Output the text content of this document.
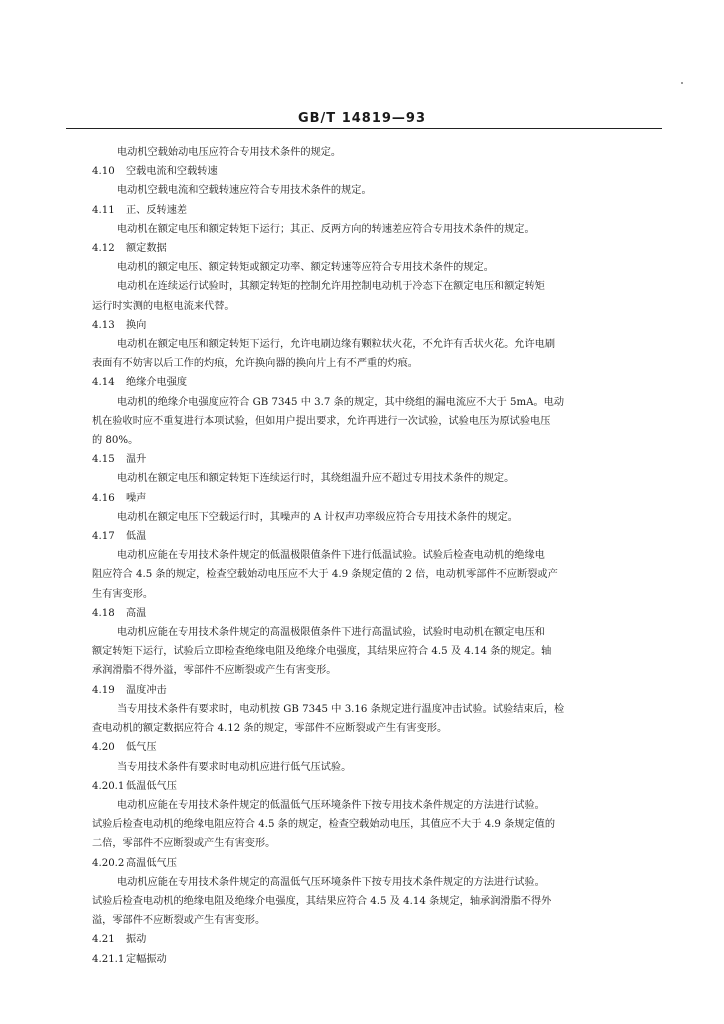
GB/T 14819—93
电动机空载始动电压应符合专用技术条件的规定。
4.10 空载电流和空载转速
电动机空载电流和空载转速应符合专用技术条件的规定。
4.11 正、反转速差
电动机在额定电压和额定转矩下运行；其正、反两方向的转速差应符合专用技术条件的规定。
4.12 额定数据
电动机的额定电压、额定转矩或额定功率、额定转速等应符合专用技术条件的规定。
电动机在连续运行试验时，其额定转矩的控制允许用控制电动机于冷态下在额定电压和额定转矩
运行时实测的电枢电流来代替。
4.13 换向
电动机在额定电压和额定转矩下运行，允许电刷边缘有颗粒状火花，不允许有舌状火花。允许电刷
表面有不妨害以后工作的灼痕，允许换向器的换向片上有不严重的灼痕。
4.14 绝缘介电强度
电动机的绝缘介电强度应符合 GB 7345 中 3.7 条的规定，其中绕组的漏电流应不大于 5mA。电动
机在验收时应不重复进行本项试验，但如用户提出要求，允许再进行一次试验，试验电压为原试验电压
的 80%。
4.15 温升
电动机在额定电压和额定转矩下连续运行时，其绕组温升应不超过专用技术条件的规定。
4.16 噪声
电动机在额定电压下空载运行时，其噪声的 A 计权声功率级应符合专用技术条件的规定。
4.17 低温
电动机应能在专用技术条件规定的低温极限值条件下进行低温试验。试验后检查电动机的绝缘电
阻应符合 4.5 条的规定，检查空载始动电压应不大于 4.9 条规定值的 2 倍，电动机零部件不应断裂或产
生有害变形。
4.18 高温
电动机应能在专用技术条件规定的高温极限值条件下进行高温试验，试验时电动机在额定电压和
额定转矩下运行，试验后立即检查绝缘电阻及绝缘介电强度，其结果应符合 4.5 及 4.14 条的规定。轴
承润滑脂不得外溢，零部件不应断裂或产生有害变形。
4.19 温度冲击
当专用技术条件有要求时，电动机按 GB 7345 中 3.16 条规定进行温度冲击试验。试验结束后，检
查电动机的额定数据应符合 4.12 条的规定，零部件不应断裂或产生有害变形。
4.20 低气压
当专用技术条件有要求时电动机应进行低气压试验。
4.20.1 低温低气压
电动机应能在专用技术条件规定的低温低气压环境条件下按专用技术条件规定的方法进行试验。
试验后检查电动机的绝缘电阻应符合 4.5 条的规定，检查空载始动电压，其值应不大于 4.9 条规定值的
二倍，零部件不应断裂或产生有害变形。
4.20.2 高温低气压
电动机应能在专用技术条件规定的高温低气压环境条件下按专用技术条件规定的方法进行试验。
试验后检查电动机的绝缘电阻及绝缘介电强度，其结果应符合 4.5 及 4.14 条规定，轴承润滑脂不得外
溢，零部件不应断裂或产生有害变形。
4.21 振动
4.21.1 定幅振动
